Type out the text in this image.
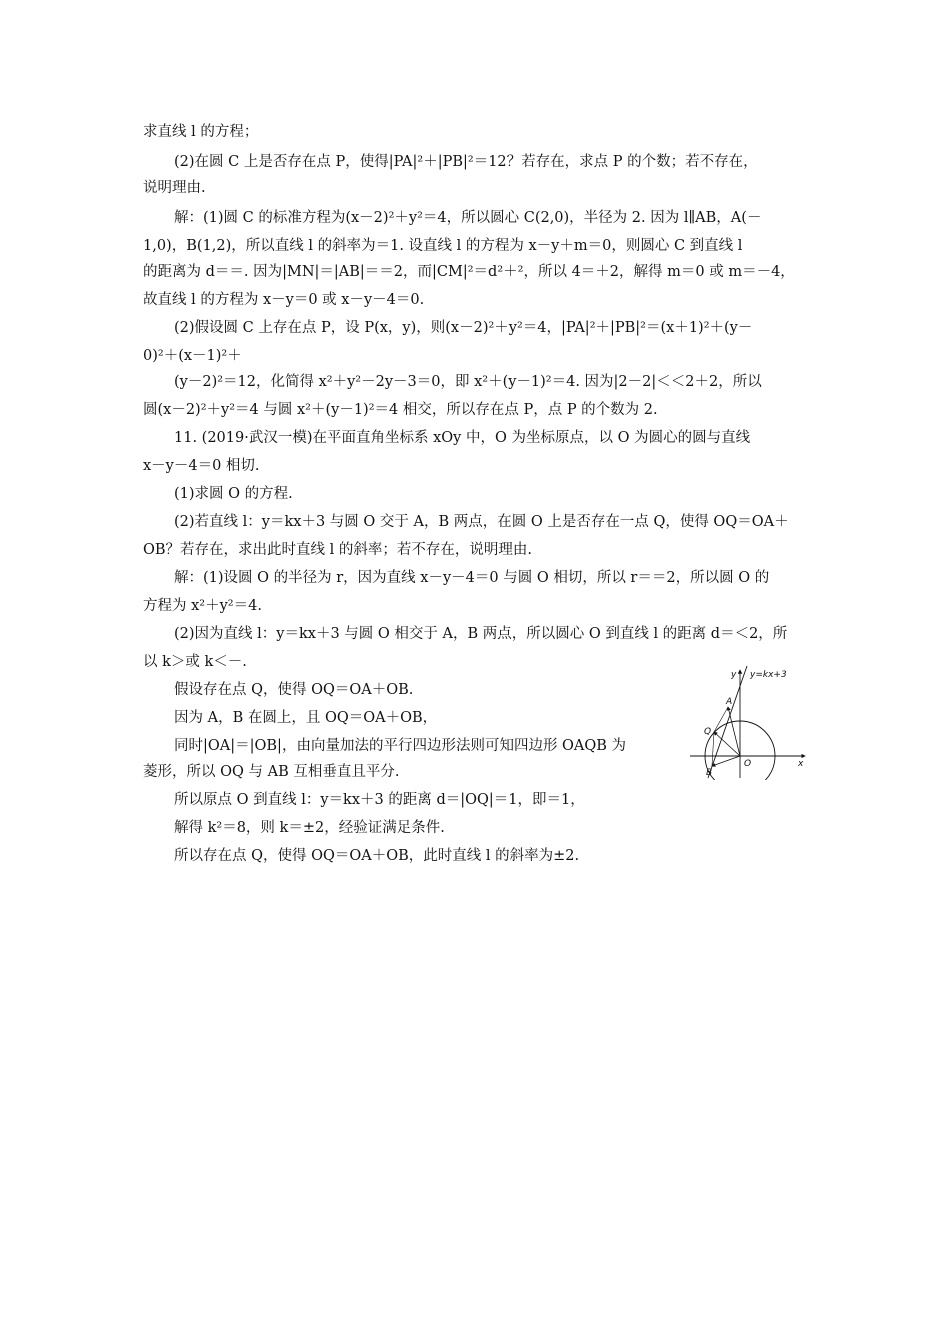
求直线 l 的方程；

(2)在圆 C 上是否存在点 P，使得|PA|²＋|PB|²＝12？若存在，求点 P 的个数；若不存在，

说明理由.

解：(1)圆 C 的标准方程为(x－2)²＋y²＝4，所以圆心 C(2,0)，半径为 2. 因为 l∥AB，A(－

1,0)，B(1,2)，所以直线 l 的斜率为＝1. 设直线 l 的方程为 x－y＋m＝0，则圆心 C 到直线 l

的距离为 d＝＝. 因为|MN|＝|AB|＝＝2，而|CM|²＝d²＋²，所以 4＝＋2，解得 m＝0 或 m＝－4，

故直线 l 的方程为 x－y＝0 或 x－y－4＝0.

(2)假设圆 C 上存在点 P，设 P(x，y)，则(x－2)²＋y²＝4，|PA|²＋|PB|²＝(x＋1)²＋(y－

0)²＋(x－1)²＋

(y－2)²＝12，化简得 x²＋y²－2y－3＝0，即 x²＋(y－1)²＝4. 因为|2－2|＜＜2＋2，所以

圆(x－2)²＋y²＝4 与圆 x²＋(y－1)²＝4 相交，所以存在点 P，点 P 的个数为 2.

11. (2019·武汉一模)在平面直角坐标系 xOy 中，O 为坐标原点，以 O 为圆心的圆与直线

x－y－4＝0 相切.

(1)求圆 O 的方程.

(2)若直线 l：y＝kx＋3 与圆 O 交于 A，B 两点，在圆 O 上是否存在一点 Q，使得 OQ＝OA＋

OB？若存在，求出此时直线 l 的斜率；若不存在，说明理由.

解：(1)设圆 O 的半径为 r，因为直线 x－y－4＝0 与圆 O 相切，所以 r＝＝2，所以圆 O 的

方程为 x²＋y²＝4.

(2)因为直线 l：y＝kx＋3 与圆 O 相交于 A，B 两点，所以圆心 O 到直线 l 的距离 d＝＜2，所

以 k＞或 k＜－.

假设存在点 Q，使得 OQ＝OA＋OB.

因为 A，B 在圆上，且 OQ＝OA＋OB，

同时|OA|＝|OB|，由向量加法的平行四边形法则可知四边形 OAQB 为

菱形，所以 OQ 与 AB 互相垂直且平分.

所以原点 O 到直线 l：y＝kx＋3 的距离 d＝|OQ|＝1，即＝1，

解得 k²＝8，则 k＝±2，经验证满足条件.

所以存在点 Q，使得 OQ＝OA＋OB，此时直线 l 的斜率为±2.

y y=kx+3
x
O
A
B
Q
